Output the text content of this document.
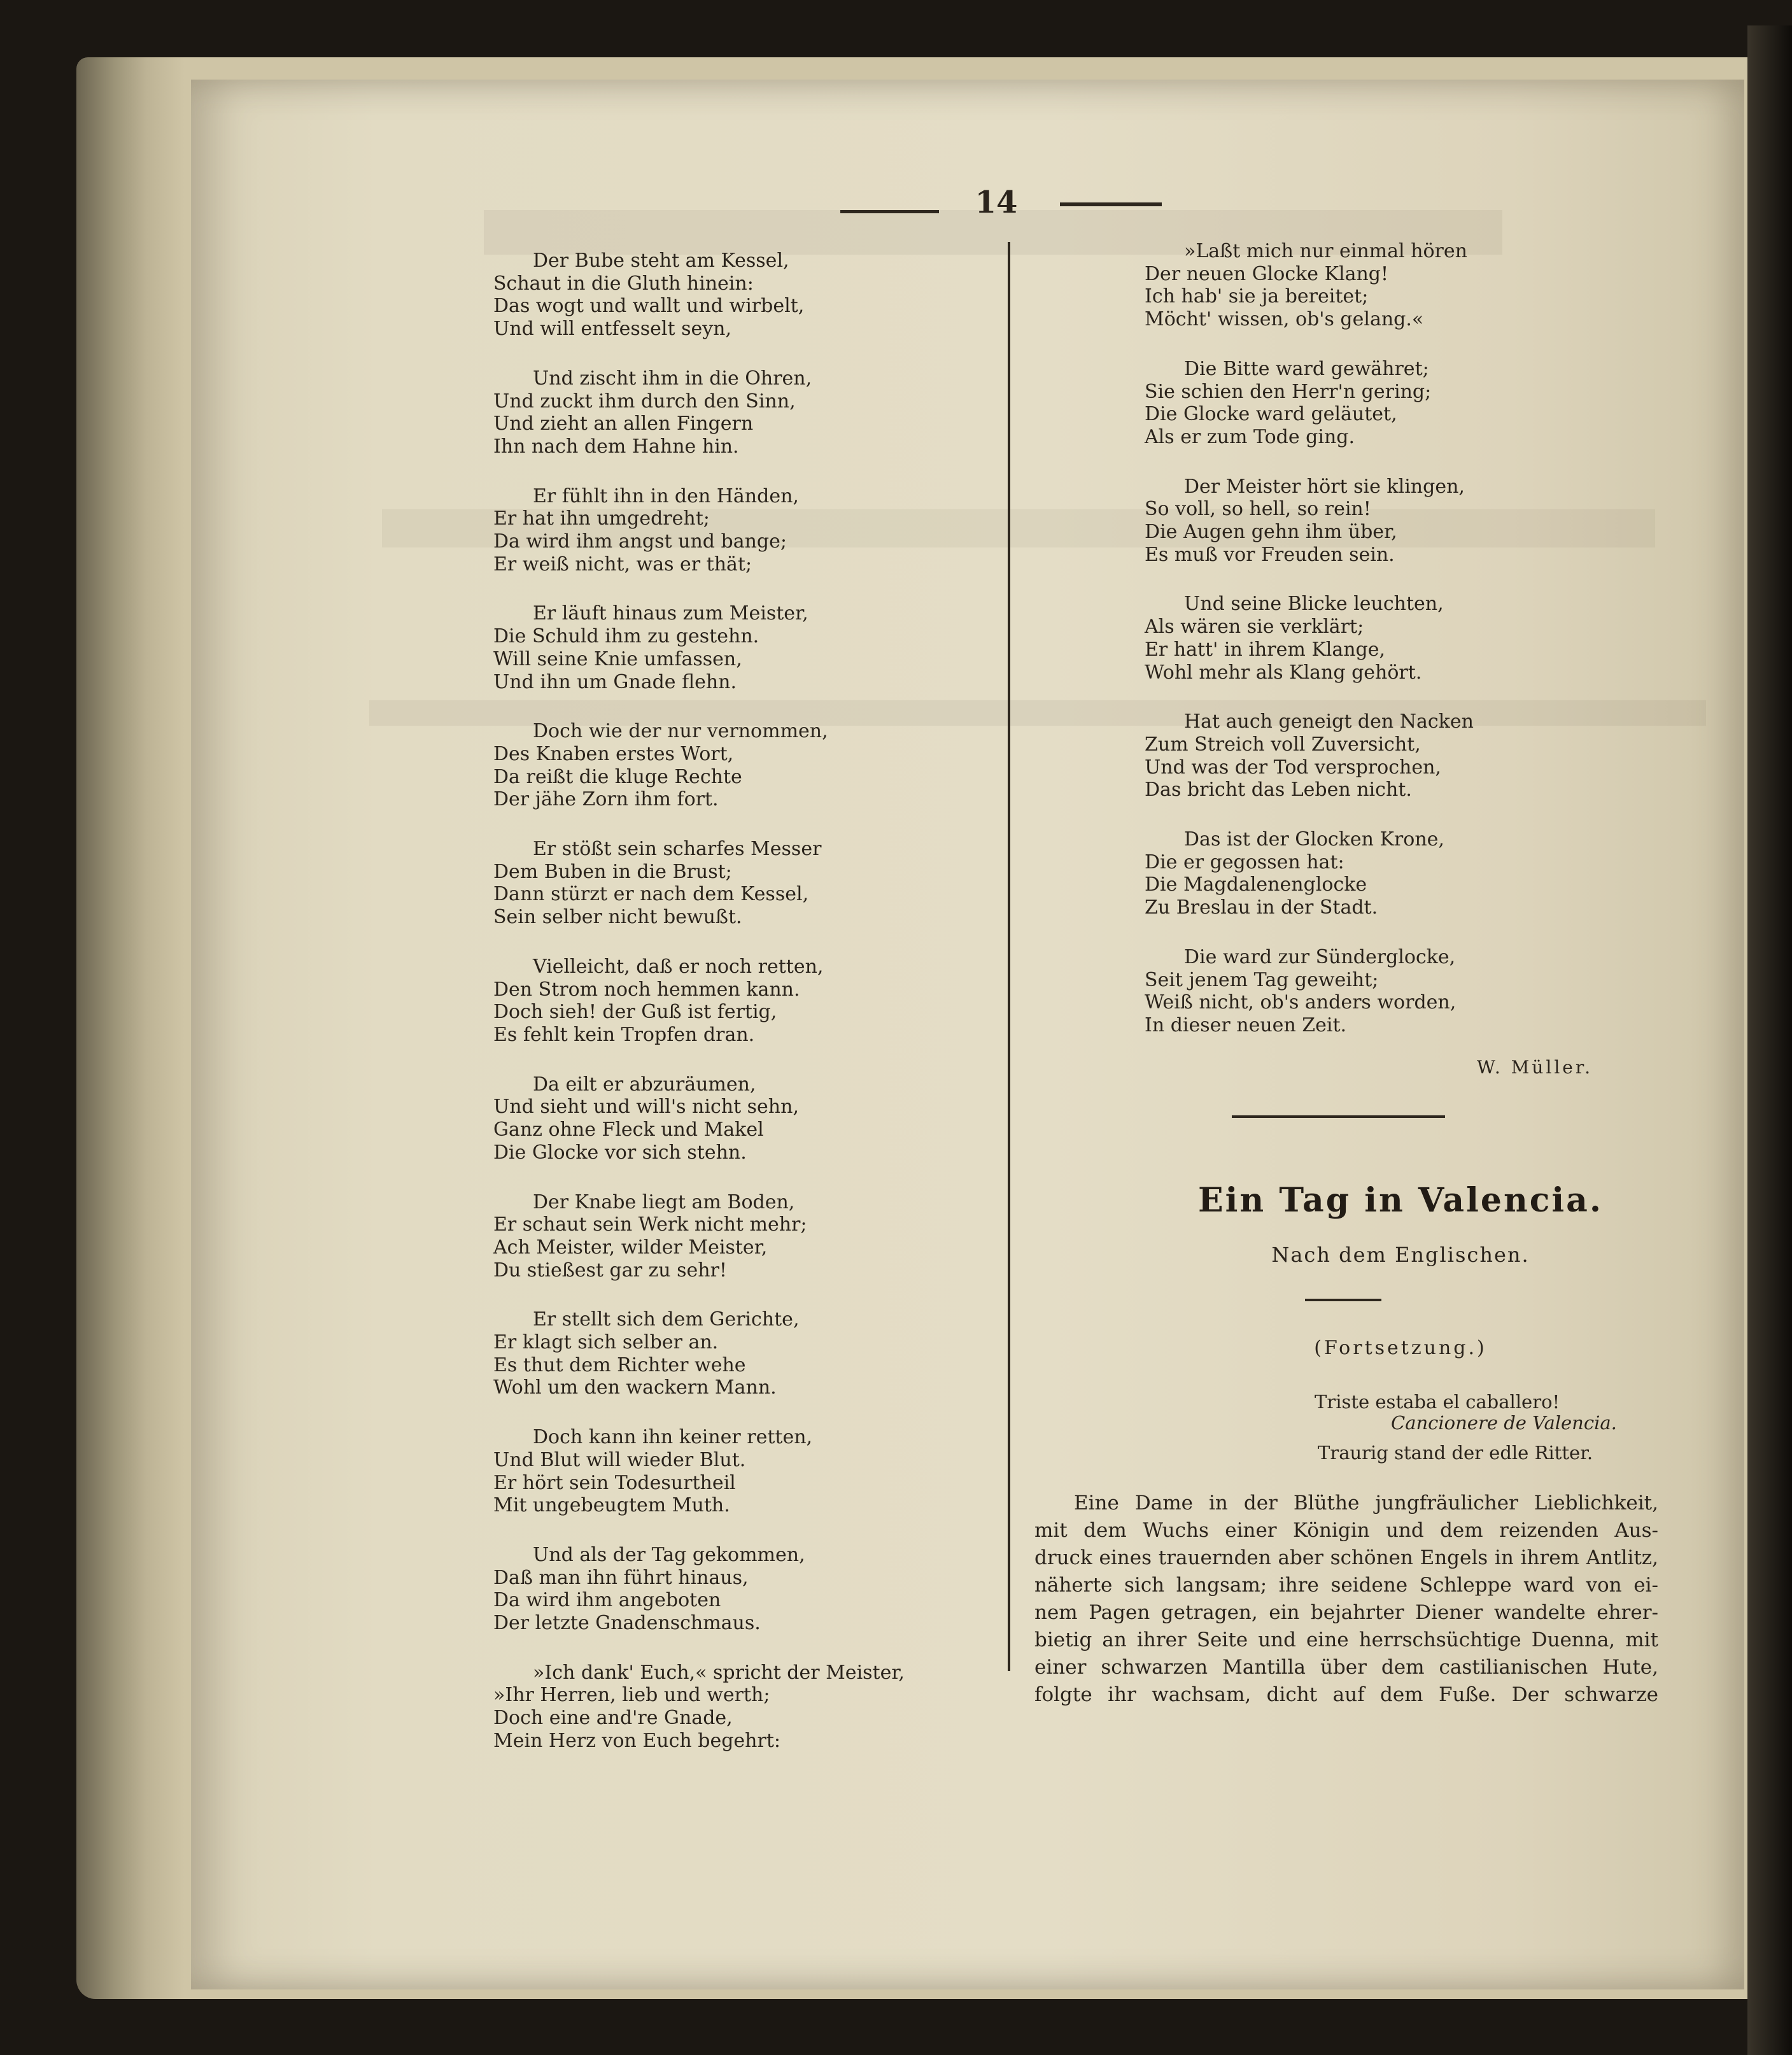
14
Der Bube steht am Kessel,
Schaut in die Gluth hinein:
Das wogt und wallt und wirbelt,
Und will entfesselt seyn,
Und zischt ihm in die Ohren,
Und zuckt ihm durch den Sinn,
Und zieht an allen Fingern
Ihn nach dem Hahne hin.
Er fühlt ihn in den Händen,
Er hat ihn umgedreht;
Da wird ihm angst und bange;
Er weiß nicht, was er thät;
Er läuft hinaus zum Meister,
Die Schuld ihm zu gestehn.
Will seine Knie umfassen,
Und ihn um Gnade flehn.
Doch wie der nur vernommen,
Des Knaben erstes Wort,
Da reißt die kluge Rechte
Der jähe Zorn ihm fort.
Er stößt sein scharfes Messer
Dem Buben in die Brust;
Dann stürzt er nach dem Kessel,
Sein selber nicht bewußt.
Vielleicht, daß er noch retten,
Den Strom noch hemmen kann.
Doch sieh! der Guß ist fertig,
Es fehlt kein Tropfen dran.
Da eilt er abzuräumen,
Und sieht und will's nicht sehn,
Ganz ohne Fleck und Makel
Die Glocke vor sich stehn.
Der Knabe liegt am Boden,
Er schaut sein Werk nicht mehr;
Ach Meister, wilder Meister,
Du stießest gar zu sehr!
Er stellt sich dem Gerichte,
Er klagt sich selber an.
Es thut dem Richter wehe
Wohl um den wackern Mann.
Doch kann ihn keiner retten,
Und Blut will wieder Blut.
Er hört sein Todesurtheil
Mit ungebeugtem Muth.
Und als der Tag gekommen,
Daß man ihn führt hinaus,
Da wird ihm angeboten
Der letzte Gnadenschmaus.
»Ich dank' Euch,« spricht der Meister,
»Ihr Herren, lieb und werth;
Doch eine and're Gnade,
Mein Herz von Euch begehrt:
»Laßt mich nur einmal hören
Der neuen Glocke Klang!
Ich hab' sie ja bereitet;
Möcht' wissen, ob's gelang.«
Die Bitte ward gewähret;
Sie schien den Herr'n gering;
Die Glocke ward geläutet,
Als er zum Tode ging.
Der Meister hört sie klingen,
So voll, so hell, so rein!
Die Augen gehn ihm über,
Es muß vor Freuden sein.
Und seine Blicke leuchten,
Als wären sie verklärt;
Er hatt' in ihrem Klange,
Wohl mehr als Klang gehört.
Hat auch geneigt den Nacken
Zum Streich voll Zuversicht,
Und was der Tod versprochen,
Das bricht das Leben nicht.
Das ist der Glocken Krone,
Die er gegossen hat:
Die Magdalenenglocke
Zu Breslau in der Stadt.
Die ward zur Sünderglocke,
Seit jenem Tag geweiht;
Weiß nicht, ob's anders worden,
In dieser neuen Zeit.
W. Müller.
Ein Tag in Valencia.
Nach dem Englischen.
(Fortsetzung.)
Triste estaba el caballero!
Cancionere de Valencia.
Traurig stand der edle Ritter.
Eine Dame in der Blüthe jungfräulicher Lieblichkeit,
mit dem Wuchs einer Königin und dem reizenden Aus-
druck eines trauernden aber schönen Engels in ihrem Antlitz,
näherte sich langsam; ihre seidene Schleppe ward von ei-
nem Pagen getragen, ein bejahrter Diener wandelte ehrer-
bietig an ihrer Seite und eine herrschsüchtige Duenna, mit
einer schwarzen Mantilla über dem castilianischen Hute,
folgte ihr wachsam, dicht auf dem Fuße. Der schwarze
